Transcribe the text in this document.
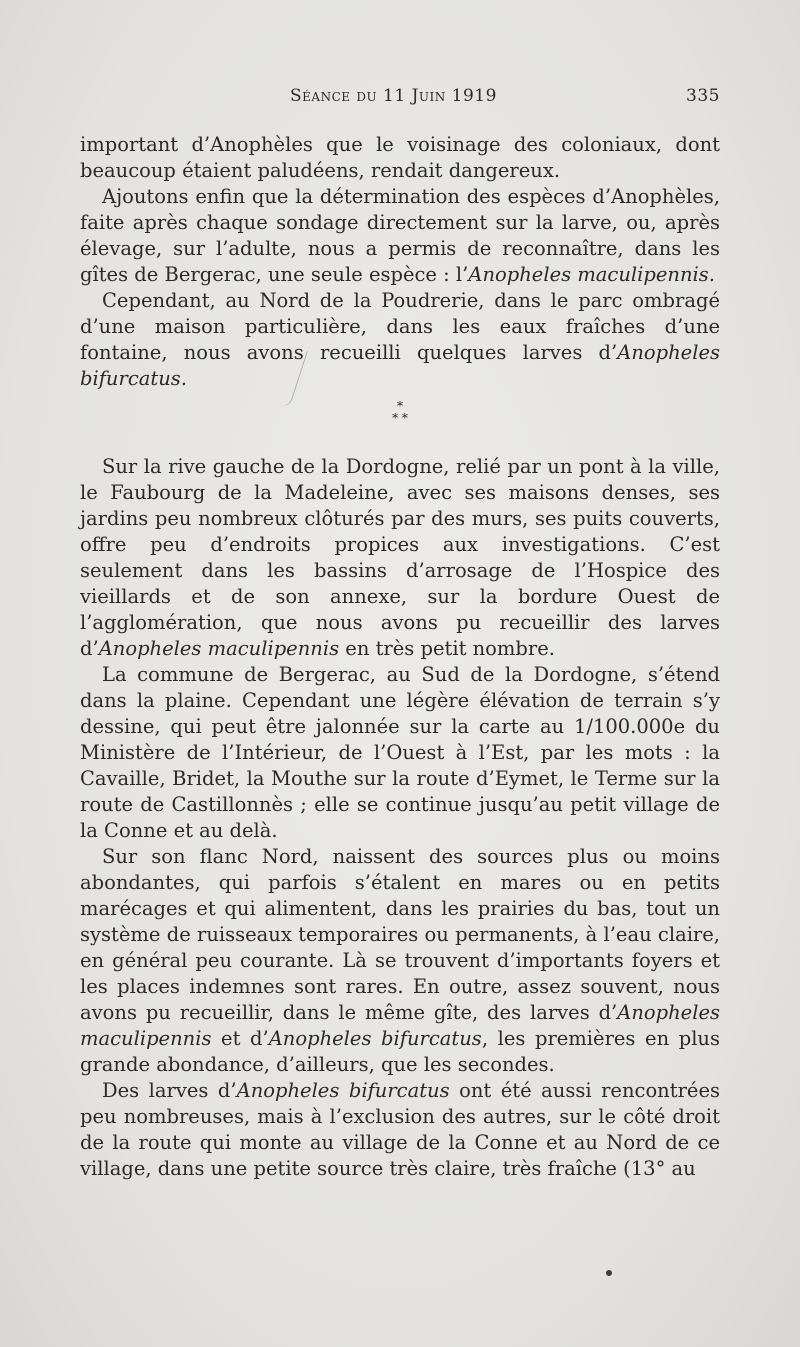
Séance du 11 Juin 1919	335

important d’Anophèles que le voisinage des coloniaux, dont beaucoup étaient paludéens, rendait dangereux.

Ajoutons enfin que la détermination des espèces d’Anophèles, faite après chaque sondage directement sur la larve, ou, après élevage, sur l’adulte, nous a permis de reconnaître, dans les gîtes de Bergerac, une seule espèce : l’Anopheles maculipennis.

Cependant, au Nord de la Poudrerie, dans le parc ombragé d’une maison particulière, dans les eaux fraîches d’une fontaine, nous avons recueilli quelques larves d’Anopheles bifurcatus.

*
* *

Sur la rive gauche de la Dordogne, relié par un pont à la ville, le Faubourg de la Madeleine, avec ses maisons denses, ses jardins peu nombreux clôturés par des murs, ses puits couverts, offre peu d’endroits propices aux investigations. C’est seulement dans les bassins d’arrosage de l’Hospice des vieillards et de son annexe, sur la bordure Ouest de l’agglomération, que nous avons pu recueillir des larves d’Anopheles maculipennis en très petit nombre.

La commune de Bergerac, au Sud de la Dordogne, s’étend dans la plaine. Cependant une légère élévation de terrain s’y dessine, qui peut être jalonnée sur la carte au 1/100.000e du Ministère de l’Intérieur, de l’Ouest à l’Est, par les mots : la Cavaille, Bridet, la Mouthe sur la route d’Eymet, le Terme sur la route de Castillonnès ; elle se continue jusqu’au petit village de la Conne et au delà.

Sur son flanc Nord, naissent des sources plus ou moins abondantes, qui parfois s’étalent en mares ou en petits marécages et qui alimentent, dans les prairies du bas, tout un système de ruisseaux temporaires ou permanents, à l’eau claire, en général peu courante. Là se trouvent d’importants foyers et les places indemnes sont rares. En outre, assez souvent, nous avons pu recueillir, dans le même gîte, des larves d’Anopheles maculipennis et d’Anopheles bifurcatus, les premières en plus grande abondance, d’ailleurs, que les secondes.

Des larves d’Anopheles bifurcatus ont été aussi rencontrées peu nombreuses, mais à l’exclusion des autres, sur le côté droit de la route qui monte au village de la Conne et au Nord de ce village, dans une petite source très claire, très fraîche (13° au
